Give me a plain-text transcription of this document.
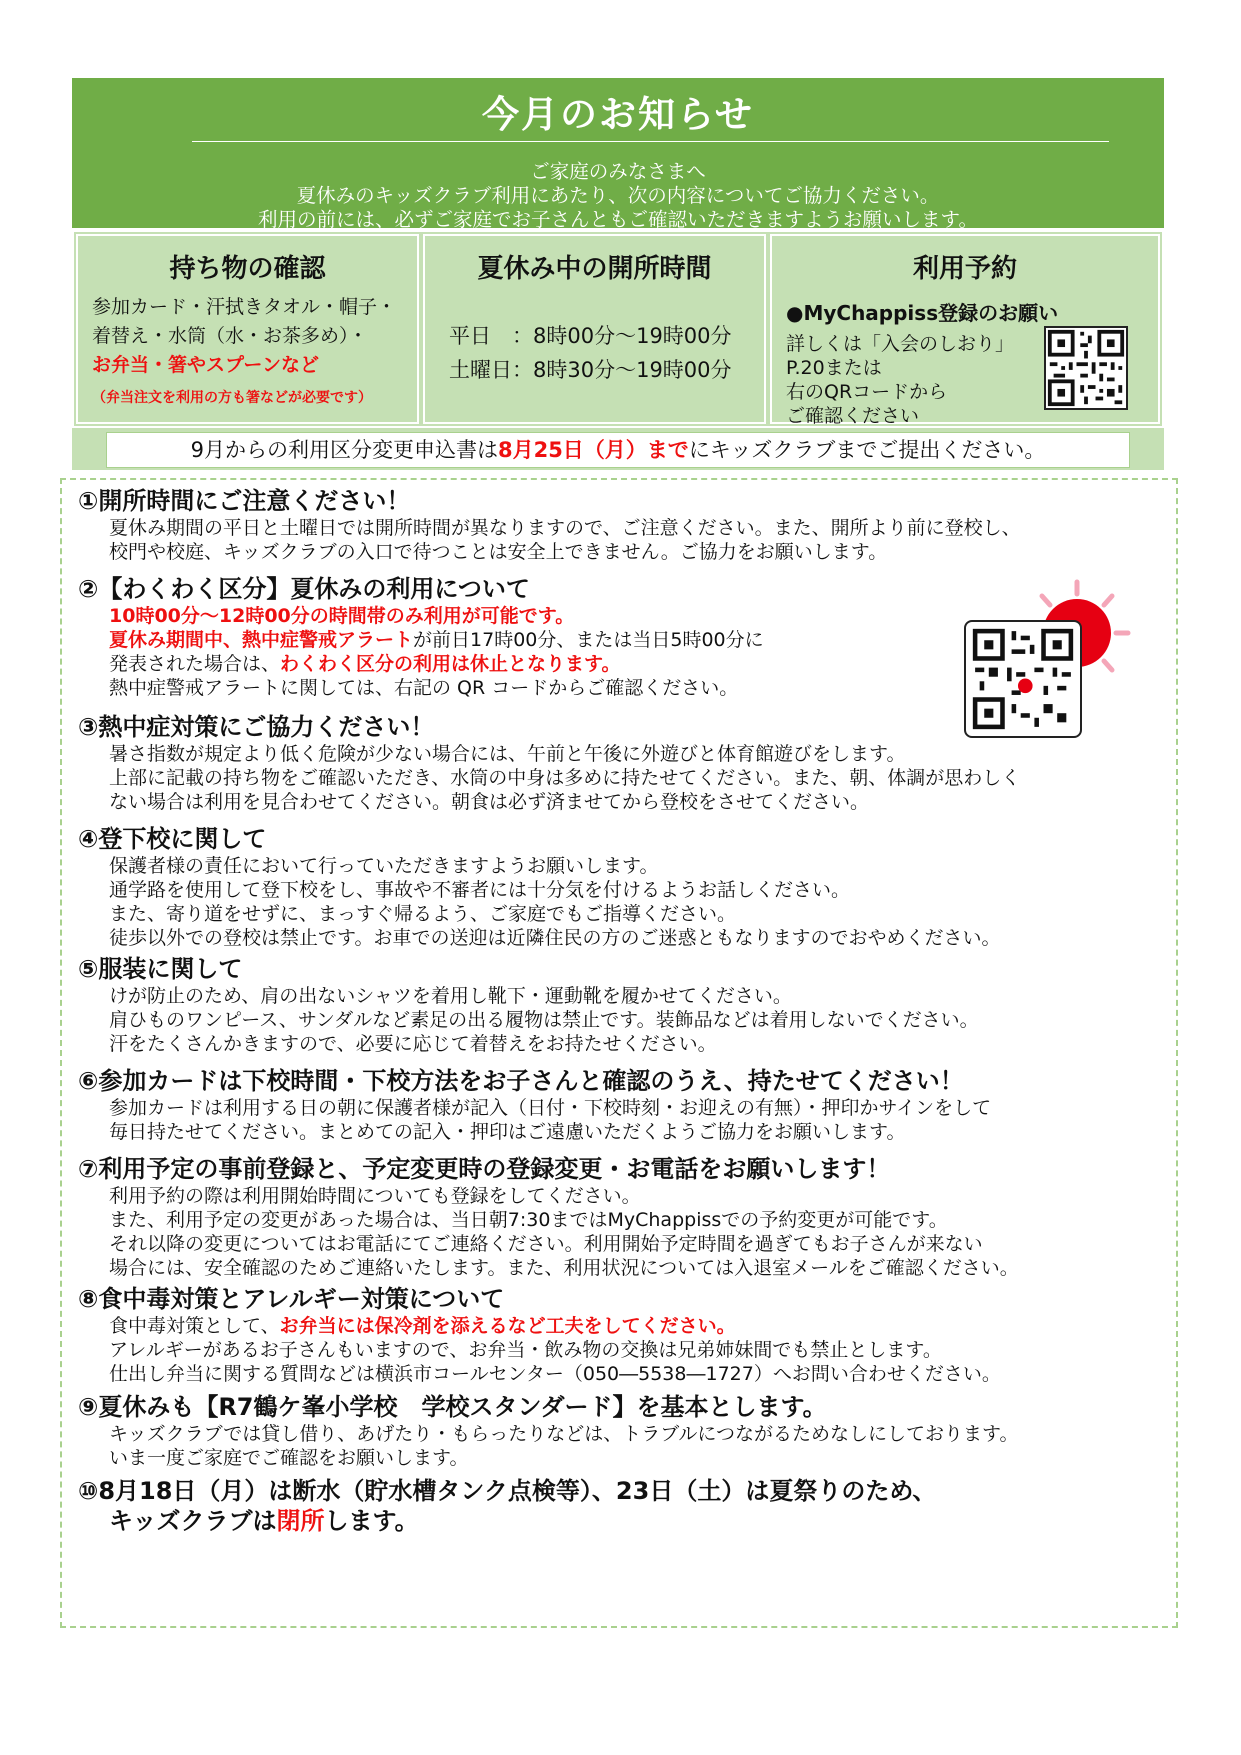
今月のお知らせ
ご家庭のみなさまへ
夏休みのキッズクラブ利用にあたり、次の内容についてご協力ください。
利用の前には、必ずご家庭でお子さんともご確認いただきますようお願いします。
持ち物の確認
参加カード・汗拭きタオル・帽子・
着替え・水筒（水・お茶多め）・
お弁当・箸やスプーンなど
（弁当注文を利用の方も箸などが必要です）
夏休み中の開所時間
平日　：8時00分～19時00分
土曜日：8時30分～19時00分
利用予約
●MyChappiss登録のお願い
詳しくは「入会のしおり」
P.20または
右のQRコードから
ご確認ください
9月からの利用区分変更申込書は8月25日（月）までにキッズクラブまでご提出ください。
①開所時間にご注意ください！
夏休み期間の平日と土曜日では開所時間が異なりますので、ご注意ください。また、開所より前に登校し、
校門や校庭、キッズクラブの入口で待つことは安全上できません。ご協力をお願いします。
②【わくわく区分】夏休みの利用について
10時00分～12時00分の時間帯のみ利用が可能です。
夏休み期間中、熱中症警戒アラートが前日17時00分、または当日5時00分に
発表された場合は、わくわく区分の利用は休止となります。
熱中症警戒アラートに関しては、右記の QR コードからご確認ください。
③熱中症対策にご協力ください！
暑さ指数が規定より低く危険が少ない場合には、午前と午後に外遊びと体育館遊びをします。
上部に記載の持ち物をご確認いただき、水筒の中身は多めに持たせてください。また、朝、体調が思わしく
ない場合は利用を見合わせてください。朝食は必ず済ませてから登校をさせてください。
④登下校に関して
保護者様の責任において行っていただきますようお願いします。
通学路を使用して登下校をし、事故や不審者には十分気を付けるようお話しください。
また、寄り道をせずに、まっすぐ帰るよう、ご家庭でもご指導ください。
徒歩以外での登校は禁止です。お車での送迎は近隣住民の方のご迷惑ともなりますのでおやめください。
⑤服装に関して
けが防止のため、肩の出ないシャツを着用し靴下・運動靴を履かせてください。
肩ひものワンピース、サンダルなど素足の出る履物は禁止です。装飾品などは着用しないでください。
汗をたくさんかきますので、必要に応じて着替えをお持たせください。
⑥参加カードは下校時間・下校方法をお子さんと確認のうえ、持たせてください！
参加カードは利用する日の朝に保護者様が記入（日付・下校時刻・お迎えの有無）・押印かサインをして
毎日持たせてください。まとめての記入・押印はご遠慮いただくようご協力をお願いします。
⑦利用予定の事前登録と、予定変更時の登録変更・お電話をお願いします！
利用予約の際は利用開始時間についても登録をしてください。
また、利用予定の変更があった場合は、当日朝7:30まではMyChappissでの予約変更が可能です。
それ以降の変更についてはお電話にてご連絡ください。利用開始予定時間を過ぎてもお子さんが来ない
場合には、安全確認のためご連絡いたします。また、利用状況については入退室メールをご確認ください。
⑧食中毒対策とアレルギー対策について
食中毒対策として、お弁当には保冷剤を添えるなど工夫をしてください。
アレルギーがあるお子さんもいますので、お弁当・飲み物の交換は兄弟姉妹間でも禁止とします。
仕出し弁当に関する質問などは横浜市コールセンター（050―5538―1727）へお問い合わせください。
⑨夏休みも【R7鶴ケ峯小学校　学校スタンダード】を基本とします。
キッズクラブでは貸し借り、あげたり・もらったりなどは、トラブルにつながるためなしにしております。
いま一度ご家庭でご確認をお願いします。
⑩8月18日（月）は断水（貯水槽タンク点検等）、23日（土）は夏祭りのため、
キッズクラブは閉所します。
